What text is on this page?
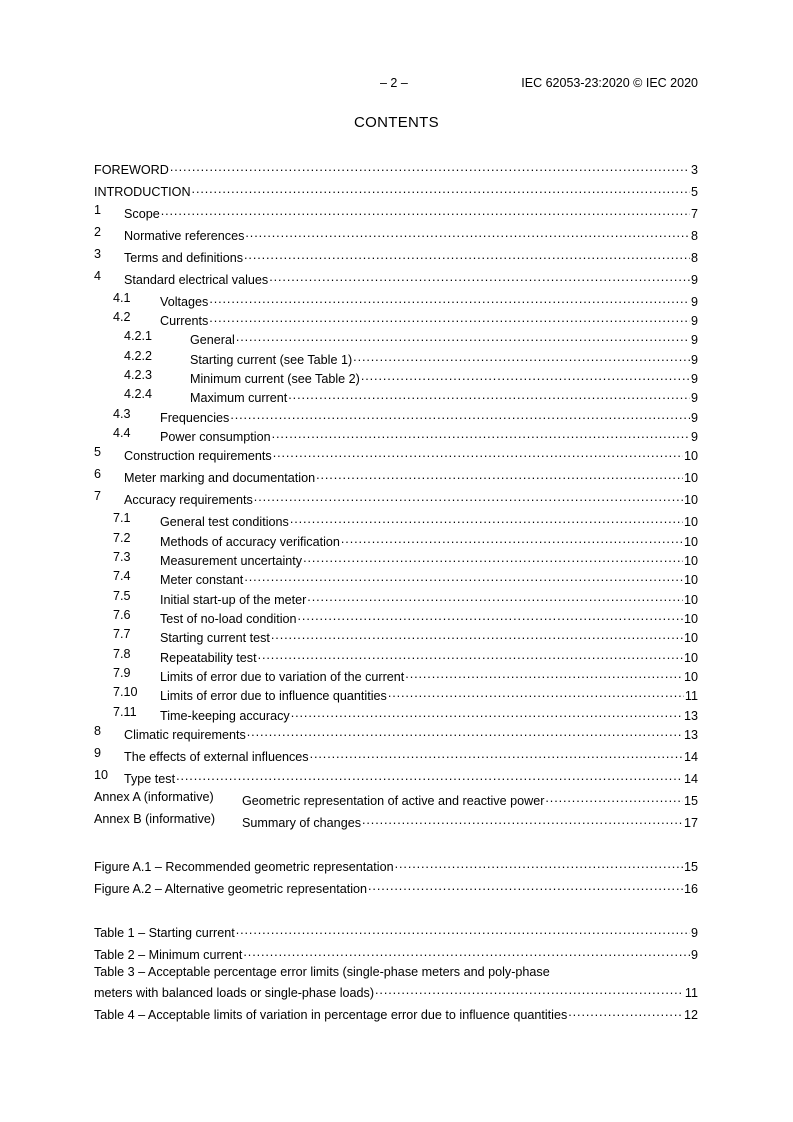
– 2 –	IEC 62053-23:2020 © IEC 2020
CONTENTS
FOREWORD .....	3
INTRODUCTION .....	5
1 Scope .....	7
2 Normative references .....	8
3 Terms and definitions .....	8
4 Standard electrical values .....	9
4.1 Voltages .....	9
4.2 Currents .....	9
4.2.1	General .....	9
4.2.2	Starting current (see Table 1) .....	9
4.2.3	Minimum current (see Table 2) .....	9
4.2.4	Maximum current .....	9
4.3 Frequencies .....	9
4.4 Power consumption .....	9
5 Construction requirements .....	10
6 Meter marking and documentation .....	10
7 Accuracy requirements .....	10
7.1 General test conditions .....	10
7.2 Methods of accuracy verification .....	10
7.3 Measurement uncertainty .....	10
7.4 Meter constant .....	10
7.5 Initial start-up of the meter .....	10
7.6 Test of no-load condition .....	10
7.7 Starting current test .....	10
7.8 Repeatability test .....	10
7.9 Limits of error due to variation of the current .....	10
7.10 Limits of error due to influence quantities .....	11
7.11 Time-keeping accuracy .....	13
8 Climatic requirements .....	13
9 The effects of external influences .....	14
10 Type test .....	14
Annex A (informative) Geometric representation of active and reactive power .....	15
Annex B (informative) Summary of changes .....	17
Figure A.1 – Recommended geometric representation .....	15
Figure A.2 – Alternative geometric representation .....	16
Table 1 – Starting current .....	9
Table 2 – Minimum current .....	9
Table 3 – Acceptable percentage error limits (single-phase meters and poly-phase
meters with balanced loads or single-phase loads) .....	11
Table 4 – Acceptable limits of variation in percentage error due to influence quantities .....	12
